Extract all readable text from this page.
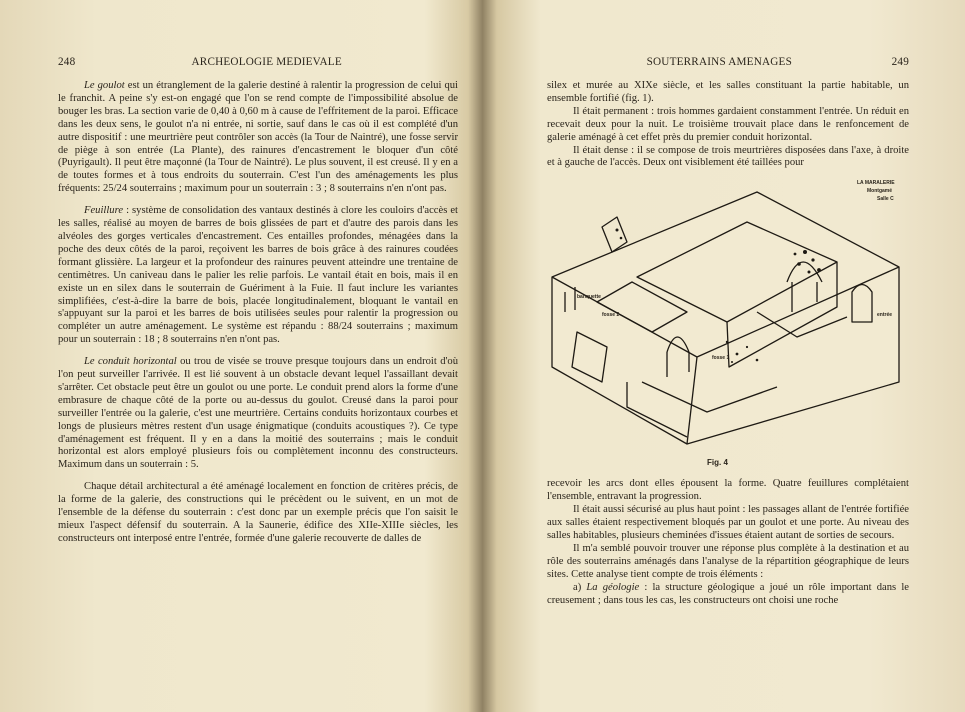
248	ARCHEOLOGIE MEDIEVALE

Le goulot est un étranglement de la galerie destiné à ralentir la progression de celui qui le franchit. A peine s'y est-on engagé que l'on se rend compte de l'impossibilité absolue de bouger les bras. La section varie de 0,40 à 0,60 m à cause de l'effritement de la paroi. Efficace dans les deux sens, le goulot n'a ni entrée, ni sortie, sauf dans le cas où il est complété d'un autre dispositif : une meurtrière peut contrôler son accès (la Tour de Naintré), une fosse servir de piège à son entrée (La Plante), des rainures d'encastrement le bloquer d'un côté (Puyrigault). Il peut être maçonné (la Tour de Naintré). Le plus souvent, il est creusé. Il y en a de toutes formes et à tous endroits du souterrain. C'est l'un des aménagements les plus fréquents: 25/24 souterrains ; maximum pour un souterrain : 3 ; 8 souterrains n'en n'ont pas.

Feuillure : système de consolidation des vantaux destinés à clore les couloirs d'accès et les salles, réalisé au moyen de barres de bois glissées de part et d'autre des parois dans les alvéoles des gorges verticales d'encastrement. Ces entailles profondes, ménagées dans la poche des deux côtés de la paroi, reçoivent les barres de bois grâce à des rainures coudées formant glissière. La largeur et la profondeur des rainures peuvent atteindre une trentaine de centimètres. Un caniveau dans le palier les relie parfois. Le vantail était en bois, mais il en existe un en silex dans le souterrain de Guériment à la Fuie. Il faut inclure les variantes simplifiées, c'est-à-dire la barre de bois, placée longitudinalement, bloquant le vantail en s'appuyant sur la paroi et les barres de bois utilisées seules pour ralentir la progression ou compléter un autre aménagement. Le système est répandu : 88/24 souterrains ; maximum pour un souterrain : 18 ; 8 souterrains n'en n'ont pas.

Le conduit horizontal ou trou de visée se trouve presque toujours dans un endroit d'où l'on peut surveiller l'arrivée. Il est lié souvent à un obstacle devant lequel l'assaillant devait s'arrêter. Cet obstacle peut être un goulot ou une porte. Le conduit prend alors la forme d'une embrasure de chaque côté de la porte ou au-dessus du goulot. Creusé dans la paroi pour surveiller l'entrée ou la galerie, c'est une meurtrière. Certains conduits horizontaux courbes et longs de plusieurs mètres restent d'un usage énigmatique (conduits acoustiques ?). Ce type d'aménagement est fréquent. Il y en a dans la moitié des souterrains ; mais le conduit horizontal est alors employé plusieurs fois ou complètement inconnu des constructeurs. Maximum dans un souterrain : 5.

Chaque détail architectural a été aménagé localement en fonction de critères précis, de la forme de la galerie, des constructions qui le précèdent ou le suivent, en un mot de l'ensemble de la défense du souterrain : c'est donc par un exemple précis que l'on saisit le mieux l'aspect défensif du souterrain. A la Saunerie, édifice des XIIe-XIIIe siècles, les constructeurs ont interposé entre l'entrée, formée d'une galerie recouverte de dalles de

SOUTERRAINS AMENAGES	249

silex et murée au XIXe siècle, et les salles constituant la partie habitable, un ensemble fortifié (fig. 1).

Il était permanent : trois hommes gardaient constamment l'entrée. Un réduit en recevait deux pour la nuit. Le troisième trouvait place dans le renfoncement de galerie aménagé à cet effet près du premier conduit horizontal.

Il était dense : il se compose de trois meurtrières disposées dans l'axe, à droite et à gauche de l'accès. Deux ont visiblement été taillées pour

LA MARALERIE
Montgamé
Salle C
banquette
fosse 2
fosse 1
entrée
Fig. 4

recevoir les arcs dont elles épousent la forme. Quatre feuillures complétaient l'ensemble, entravant la progression.

Il était aussi sécurisé au plus haut point : les passages allant de l'entrée fortifiée aux salles étaient respectivement bloqués par un goulot et une porte. Au niveau des salles habitables, plusieurs cheminées d'issues étaient autant de sorties de secours.

Il m'a semblé pouvoir trouver une réponse plus complète à la destination et au rôle des souterrains aménagés dans l'analyse de la répartition géographique de leurs sites. Cette analyse tient compte de trois éléments :

a) La géologie : la structure géologique a joué un rôle important dans le creusement ; dans tous les cas, les constructeurs ont choisi une roche
